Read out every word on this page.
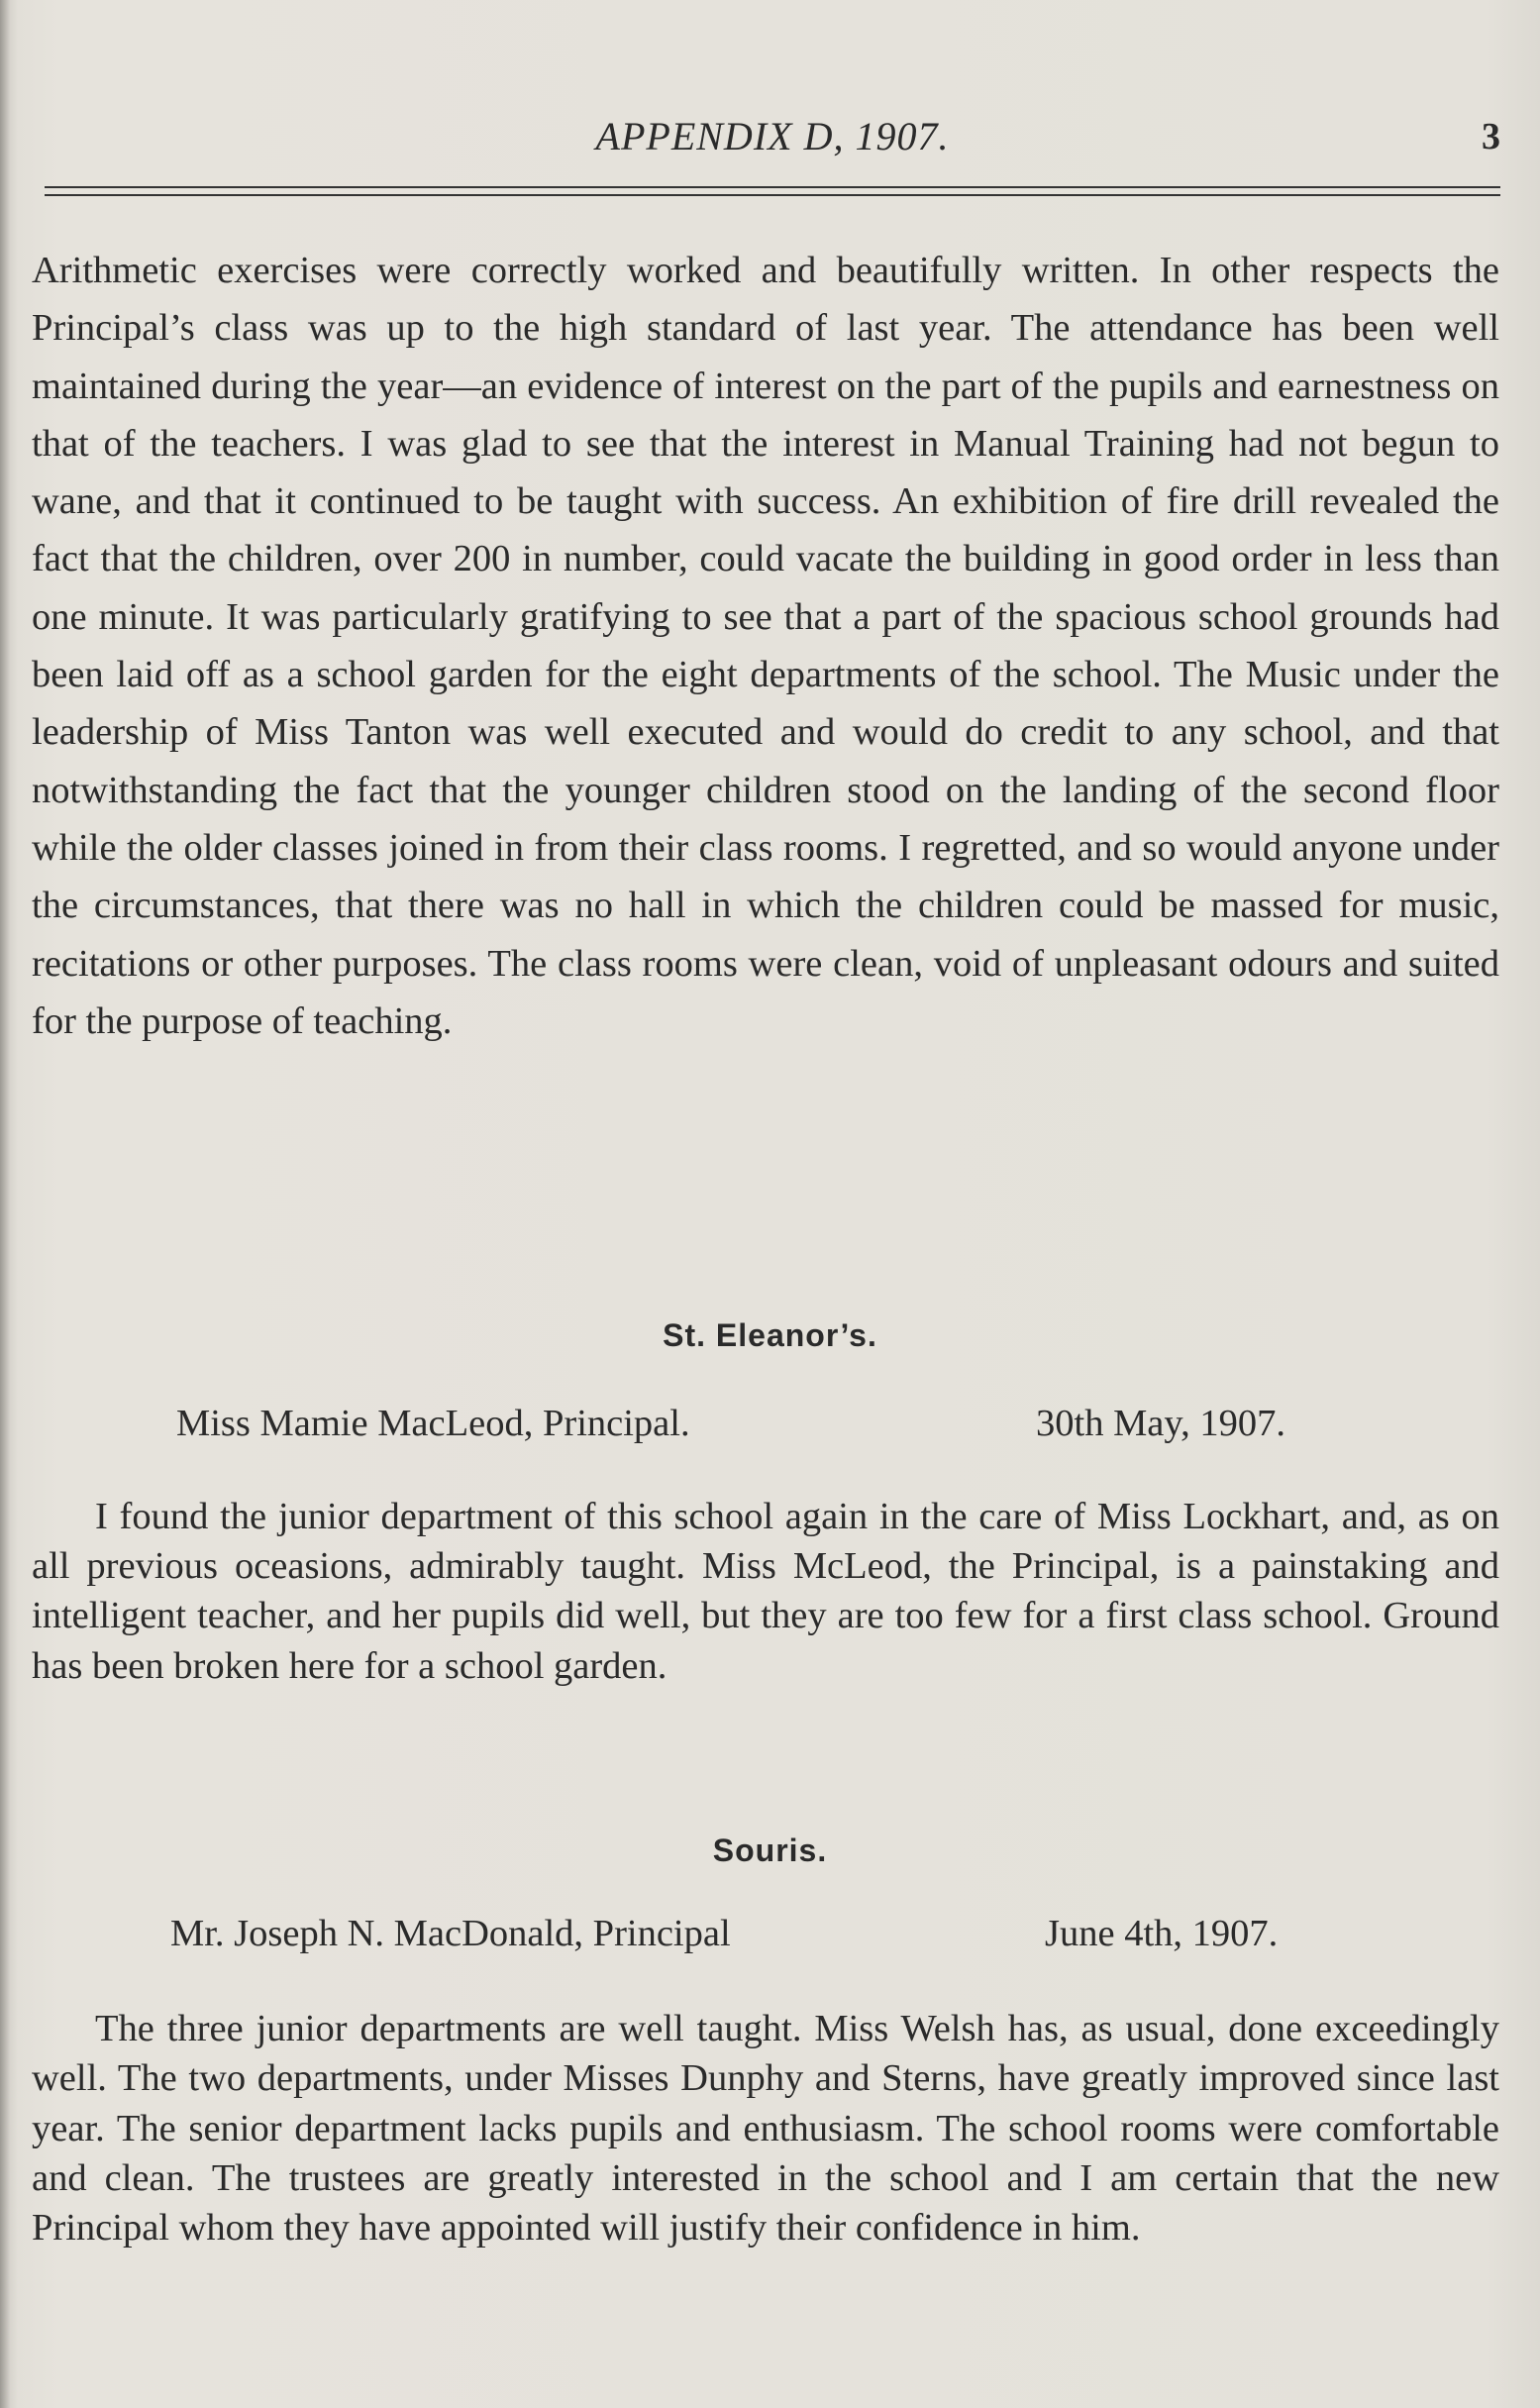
APPENDIX D, 1907.	3

Arithmetic exercises were correctly worked and beautifully written. In other respects the Principal’s class was up to the high standard of last year. The attendance has been well maintained during the year—an evidence of interest on the part of the pupils and earnestness on that of the teachers. I was glad to see that the interest in Manual Training had not begun to wane, and that it continued to be taught with success. An exhibition of fire drill revealed the fact that the children, over 200 in number, could vacate the building in good order in less than one minute. It was particularly gratifying to see that a part of the spacious school grounds had been laid off as a school garden for the eight departments of the school. The Music under the leadership of Miss Tanton was well executed and would do credit to any school, and that notwithstanding the fact that the younger children stood on the landing of the second floor while the older classes joined in from their class rooms. I regretted, and so would anyone under the circumstances, that there was no hall in which the children could be massed for music, recitations or other purposes. The class rooms were clean, void of unpleasant odours and suited for the purpose of teaching.

St. Eleanor’s.
Miss Mamie MacLeod, Principal.	30th May, 1907.

I found the junior department of this school again in the care of Miss Lockhart, and, as on all previous oceasions, admirably taught. Miss McLeod, the Principal, is a painstaking and intelligent teacher, and her pupils did well, but they are too few for a first class school. Ground has been broken here for a school garden.

Souris.
Mr. Joseph N. MacDonald, Principal	June 4th, 1907.

The three junior departments are well taught. Miss Welsh has, as usual, done exceedingly well. The two departments, under Misses Dunphy and Sterns, have greatly improved since last year. The senior department lacks pupils and enthusiasm. The school rooms were comfortable and clean. The trustees are greatly interested in the school and I am certain that the new Principal whom they have appointed will justify their confidence in him.
